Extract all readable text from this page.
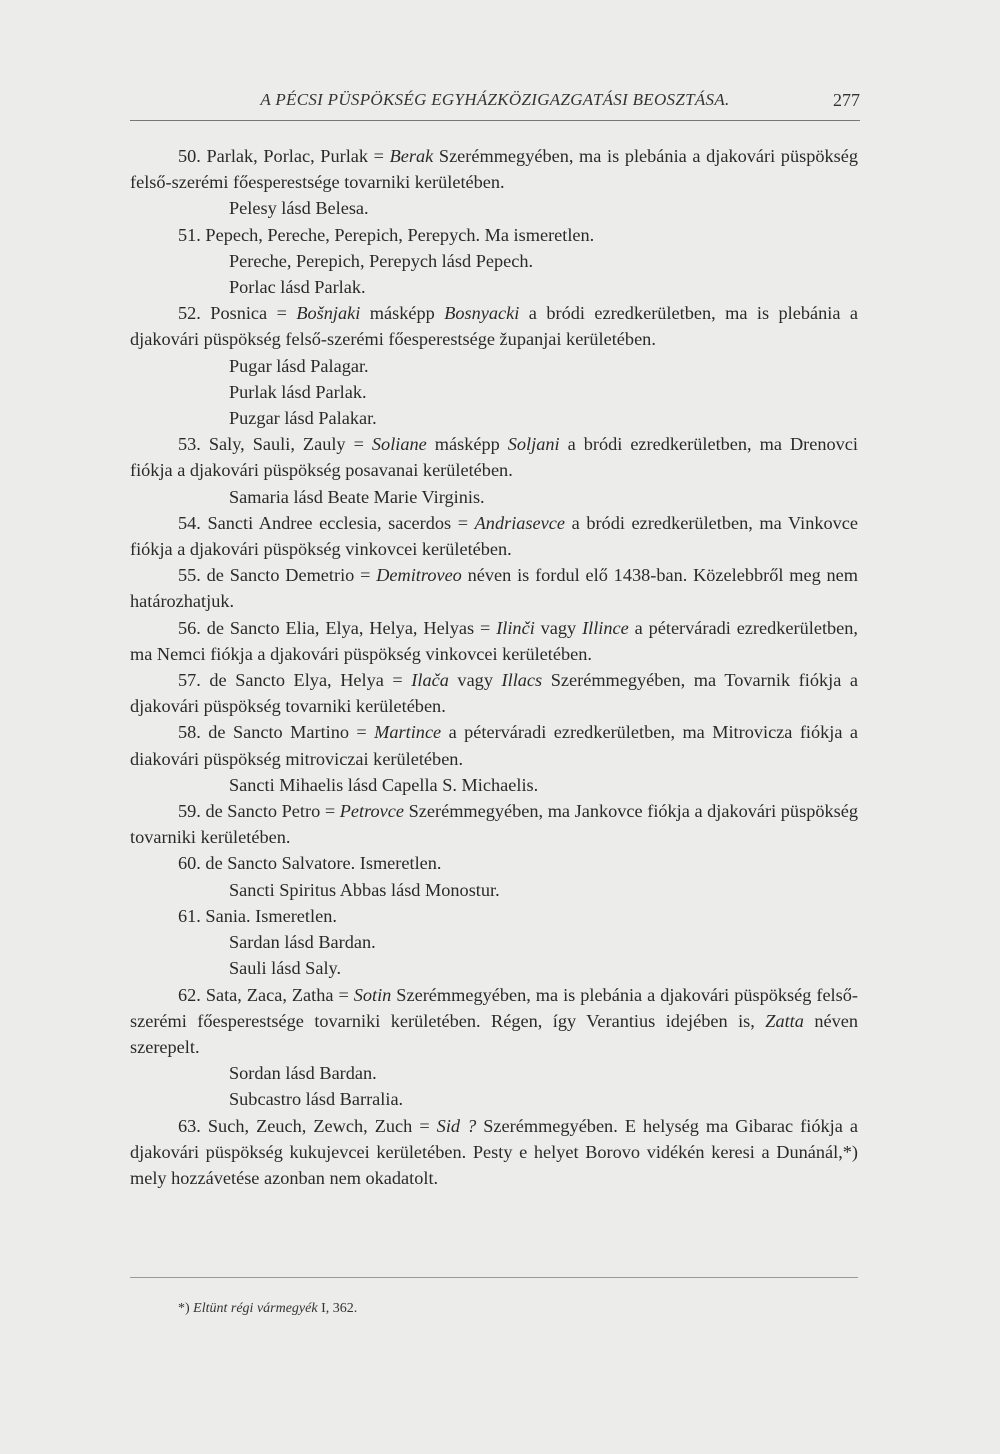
A PÉCSI PÜSPÖKSÉG EGYHÁZKÖZIGAZGATÁSI BEOSZTÁSA.	277

50. Parlak, Porlac, Purlak = Berak Szerémmegyében, ma is plebánia a djakovári püspökség felső-szerémi főesperestsége tovarniki kerületében.

Pelesy lásd Belesa.

51. Pepech, Pereche, Perepich, Perepych. Ma ismeretlen.

Pereche, Perepich, Perepych lásd Pepech.

Porlac lásd Parlak.

52. Posnica = Bošnjaki másképp Bosnyacki a bródi ezredkerületben, ma is plebánia a djakovári püspökség felső-szerémi főesperestsége županjai kerületében.

Pugar lásd Palagar.

Purlak lásd Parlak.

Puzgar lásd Palakar.

53. Saly, Sauli, Zauly = Soliane másképp Soljani a bródi ezredkerületben, ma Drenovci fiókja a djakovári püspökség posavanai kerületében.

Samaria lásd Beate Marie Virginis.

54. Sancti Andree ecclesia, sacerdos = Andriasevce a bródi ezredkerületben, ma Vinkovce fiókja a djakovári püspökség vinkovcei kerületében.

55. de Sancto Demetrio = Demitroveo néven is fordul elő 1438-ban. Közelebbről meg nem határozhatjuk.

56. de Sancto Elia, Elya, Helya, Helyas = Ilinči vagy Illince a péterváradi ezredkerületben, ma Nemci fiókja a djakovári püspökség vinkovcei kerületében.

57. de Sancto Elya, Helya = Ilača vagy Illacs Szerémmegyében, ma Tovarnik fiókja a djakovári püspökség tovarniki kerületében.

58. de Sancto Martino = Martince a péterváradi ezredkerületben, ma Mitrovicza fiókja a diakovári püspökség mitroviczai kerületében.

Sancti Mihaelis lásd Capella S. Michaelis.

59. de Sancto Petro = Petrovce Szerémmegyében, ma Jankovce fiókja a djakovári püspökség tovarniki kerületében.

60. de Sancto Salvatore. Ismeretlen.

Sancti Spiritus Abbas lásd Monostur.

61. Sania. Ismeretlen.

Sardan lásd Bardan.

Sauli lásd Saly.

62. Sata, Zaca, Zatha = Sotin Szerémmegyében, ma is plebánia a djakovári püspökség felső-szerémi főesperestsége tovarniki kerületében. Régen, így Verantius idejében is, Zatta néven szerepelt.

Sordan lásd Bardan.

Subcastro lásd Barralia.

63. Such, Zeuch, Zewch, Zuch = Sid ? Szerémmegyében. E helység ma Gibarac fiókja a djakovári püspökség kukujevcei kerületében. Pesty e helyet Borovo vidékén keresi a Dunánál,*) mely hozzávetése azonban nem okadatolt.

*) Eltünt régi vármegyék I, 362.
